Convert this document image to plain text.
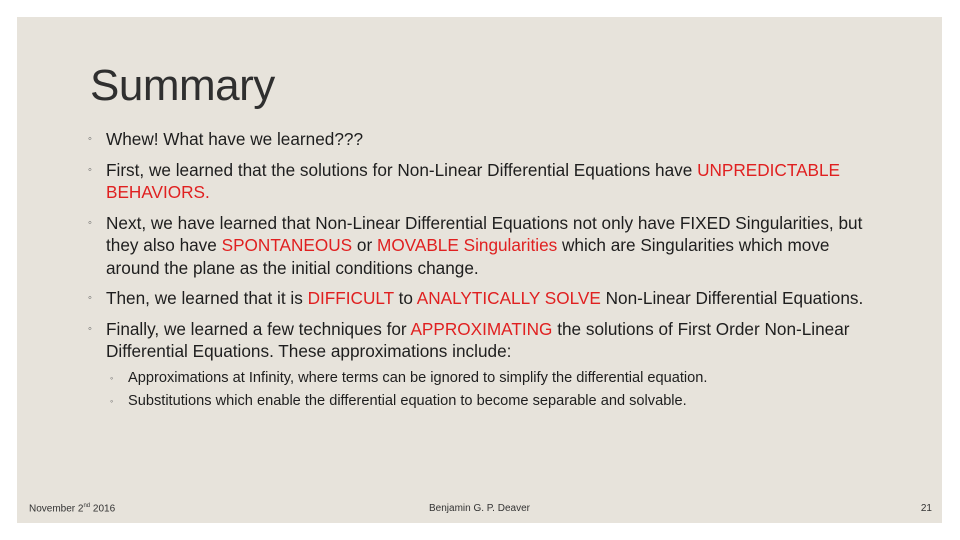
Summary
◦ Whew! What have we learned???
◦ First, we learned that the solutions for Non-Linear Differential Equations have UNPREDICTABLE BEHAVIORS.
◦ Next, we have learned that Non-Linear Differential Equations not only have FIXED Singularities, but they also have SPONTANEOUS or MOVABLE Singularities which are Singularities which move around the plane as the initial conditions change.
◦ Then, we learned that it is DIFFICULT to ANALYTICALLY SOLVE Non-Linear Differential Equations.
◦ Finally, we learned a few techniques for APPROXIMATING the solutions of First Order Non-Linear Differential Equations. These approximations include:
◦ Approximations at Infinity, where terms can be ignored to simplify the differential equation.
◦ Substitutions which enable the differential equation to become separable and solvable.
November 2nd 2016	Benjamin G. P. Deaver	21
